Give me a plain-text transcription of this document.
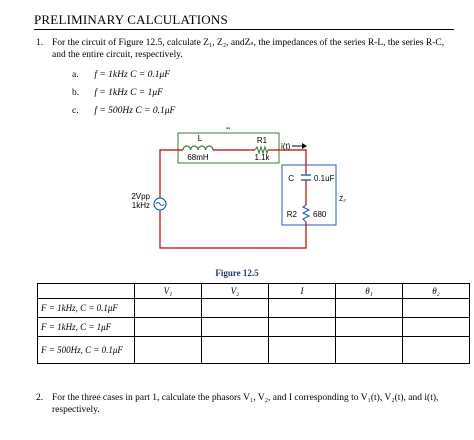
PRELIMINARY CALCULATIONS
1. For the circuit of Figure 12.5, calculate Z₁, Z₂, andZₛ, the impedances of the series R-L, the series R-C, and the entire circuit, respectively.
a. f = 1kHz C = 0.1μF
b. f = 1kHz C = 1μF
c. f = 500Hz C = 0.1μF
2Vpp
1kHz
L
68mH
R1
1.1k
i(t)
C	0.1uF
R2 680
Z₂
▪▪
Figure 12.5
	V₁	V₂	I	θ₁	θ₂
F = 1kHz, C = 0.1μF					
F = 1kHz, C = 1μF					
F = 500Hz, C = 0.1μF					
2. For the three cases in part 1, calculate the phasors V₁, V₂, and I corresponding to V₁(t), V₂(t), and i(t), respectively.
